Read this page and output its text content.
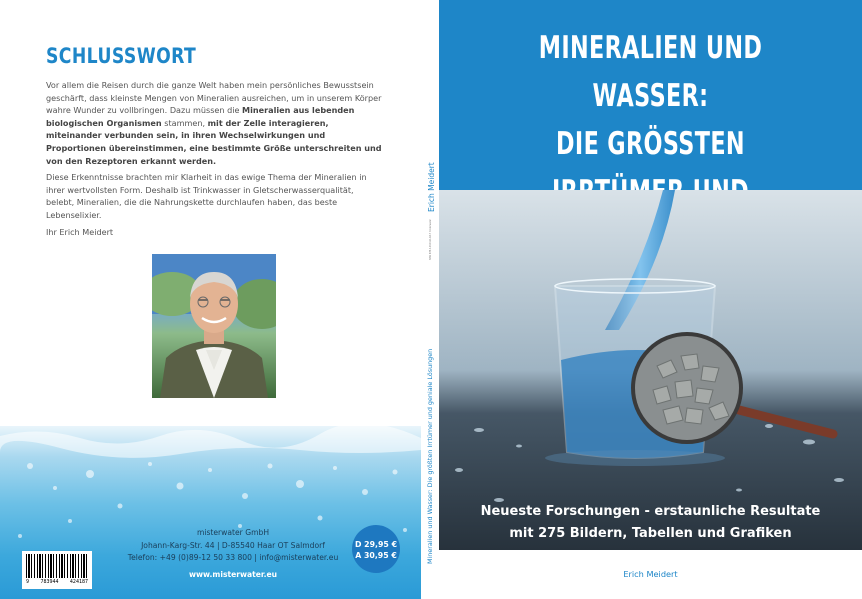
SCHLUSSWORT

Vor allem die Reisen durch die ganze Welt haben mein persönliches Bewusstsein geschärft, dass kleinste Mengen von Mineralien ausreichen, um in unserem Körper wahre Wunder zu vollbringen. Dazu müssen die Mineralien aus lebenden biologischen Organismen stammen, mit der Zelle interagieren, miteinander verbunden sein, in ihren Wechselwirkungen und Proportionen übereinstimmen, eine bestimmte Größe unterschreiten und von den Rezeptoren erkannt werden.

Diese Erkenntnisse brachten mir Klarheit in das ewige Thema der Mineralien in ihrer wertvollsten Form. Deshalb ist Trinkwasser in Gletscherwasserqualität, belebt, Mineralien, die die Nahrungskette durchlaufen haben, das beste Lebenselixier.

Ihr Erich Meidert

misterwater GmbH
Johann-Karg-Str. 44 | D-85540 Haar OT Salmdorf
Telefon: +49 (0)89-12 50 33 800 | info@misterwater.eu
www.misterwater.eu
D 29,95 €
A 30,95 €
9 783944 424187
Erich Meidert
ISBN 978-3-944424-18-7 misterwater
Mineralien und Wasser: Die größten Irrtümer und geniale Lösungen
MINERALIEN UND WASSER:
DIE GRÖSSTEN
Neueste Forschungen - erstaunliche Resultate
mit 275 Bildern, Tabellen und Grafiken
Erich Meidert
